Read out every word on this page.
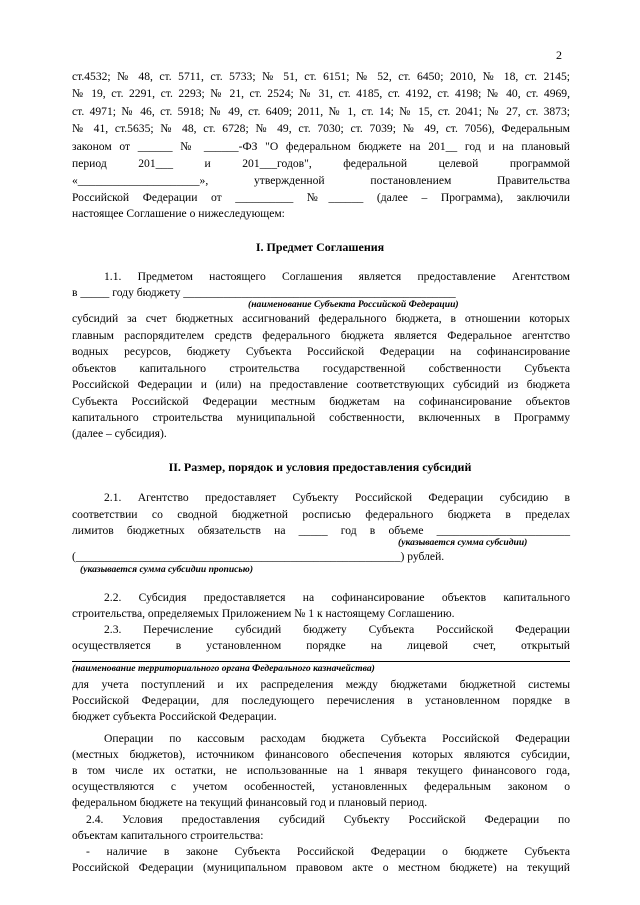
2
ст.4532; № 48, ст. 5711, ст. 5733; № 51, ст. 6151; № 52, ст. 6450; 2010, № 18, ст. 2145;
№ 19, ст. 2291, ст. 2293; № 21, ст. 2524; № 31, ст. 4185, ст. 4192, ст. 4198; № 40, ст. 4969,
ст. 4971; № 46, ст. 5918; № 49, ст. 6409; 2011, № 1, ст. 14; № 15, ст. 2041; № 27, ст. 3873;
№ 41, ст.5635; № 48, ст. 6728; № 49, ст. 7030; ст. 7039; № 49, ст. 7056), Федеральным
законом от ______ № ______-ФЗ "О федеральном бюджете на 201__ год и на плановый
период 201___ и 201___годов", федеральной целевой программой
«_____________________», утвержденной постановлением Правительства
Российской Федерации от __________ №______ (далее – Программа), заключили
настоящее Соглашение о нижеследующем:
I. Предмет Соглашения
1.1. Предметом настоящего Соглашения является предоставление Агентством
в _____ году бюджету _______________________________________________
(наименование Субъекта Российской Федерации)
субсидий за счет бюджетных ассигнований федерального бюджета, в отношении которых
главным распорядителем средств федерального бюджета является Федеральное агентство
водных ресурсов, бюджету Субъекта Российской Федерации на софинансирование
объектов капитального строительства государственной собственности Субъекта
Российской Федерации и (или) на предоставление соответствующих субсидий из бюджета
Субъекта Российской Федерации местным бюджетам на софинансирование объектов
капитального строительства муниципальной собственности, включенных в Программу
(далее – субсидия).
II. Размер, порядок и условия предоставления субсидий
2.1. Агентство предоставляет Субъекту Российской Федерации субсидию в
соответствии со сводной бюджетной росписью федерального бюджета в пределах
лимитов бюджетных обязательств на _____ год в объеме _______________________
(указывается сумма субсидии)
(________________________________________________________) рублей.
(указывается сумма субсидии прописью)
2.2. Субсидия предоставляется на софинансирование объектов капитального
строительства, определяемых Приложением № 1 к настоящему Соглашению.
2.3. Перечисление субсидий бюджету Субъекта Российской Федерации
осуществляется в установленном порядке на лицевой счет, открытый
(наименование территориального органа Федерального казначейства)
для учета поступлений и их распределения между бюджетами бюджетной системы
Российской Федерации, для последующего перечисления в установленном порядке в
бюджет субъекта Российской Федерации.
Операции по кассовым расходам бюджета Субъекта Российской Федерации
(местных бюджетов), источником финансового обеспечения которых являются субсидии,
в том числе их остатки, не использованные на 1 января текущего финансового года,
осуществляются с учетом особенностей, установленных федеральным законом о
федеральном бюджете на текущий финансовый год и плановый период.
2.4. Условия предоставления субсидий Субъекту Российской Федерации по
объектам капитального строительства:
- наличие в законе Субъекта Российской Федерации о бюджете Субъекта
Российской Федерации (муниципальном правовом акте о местном бюджете) на текущий
